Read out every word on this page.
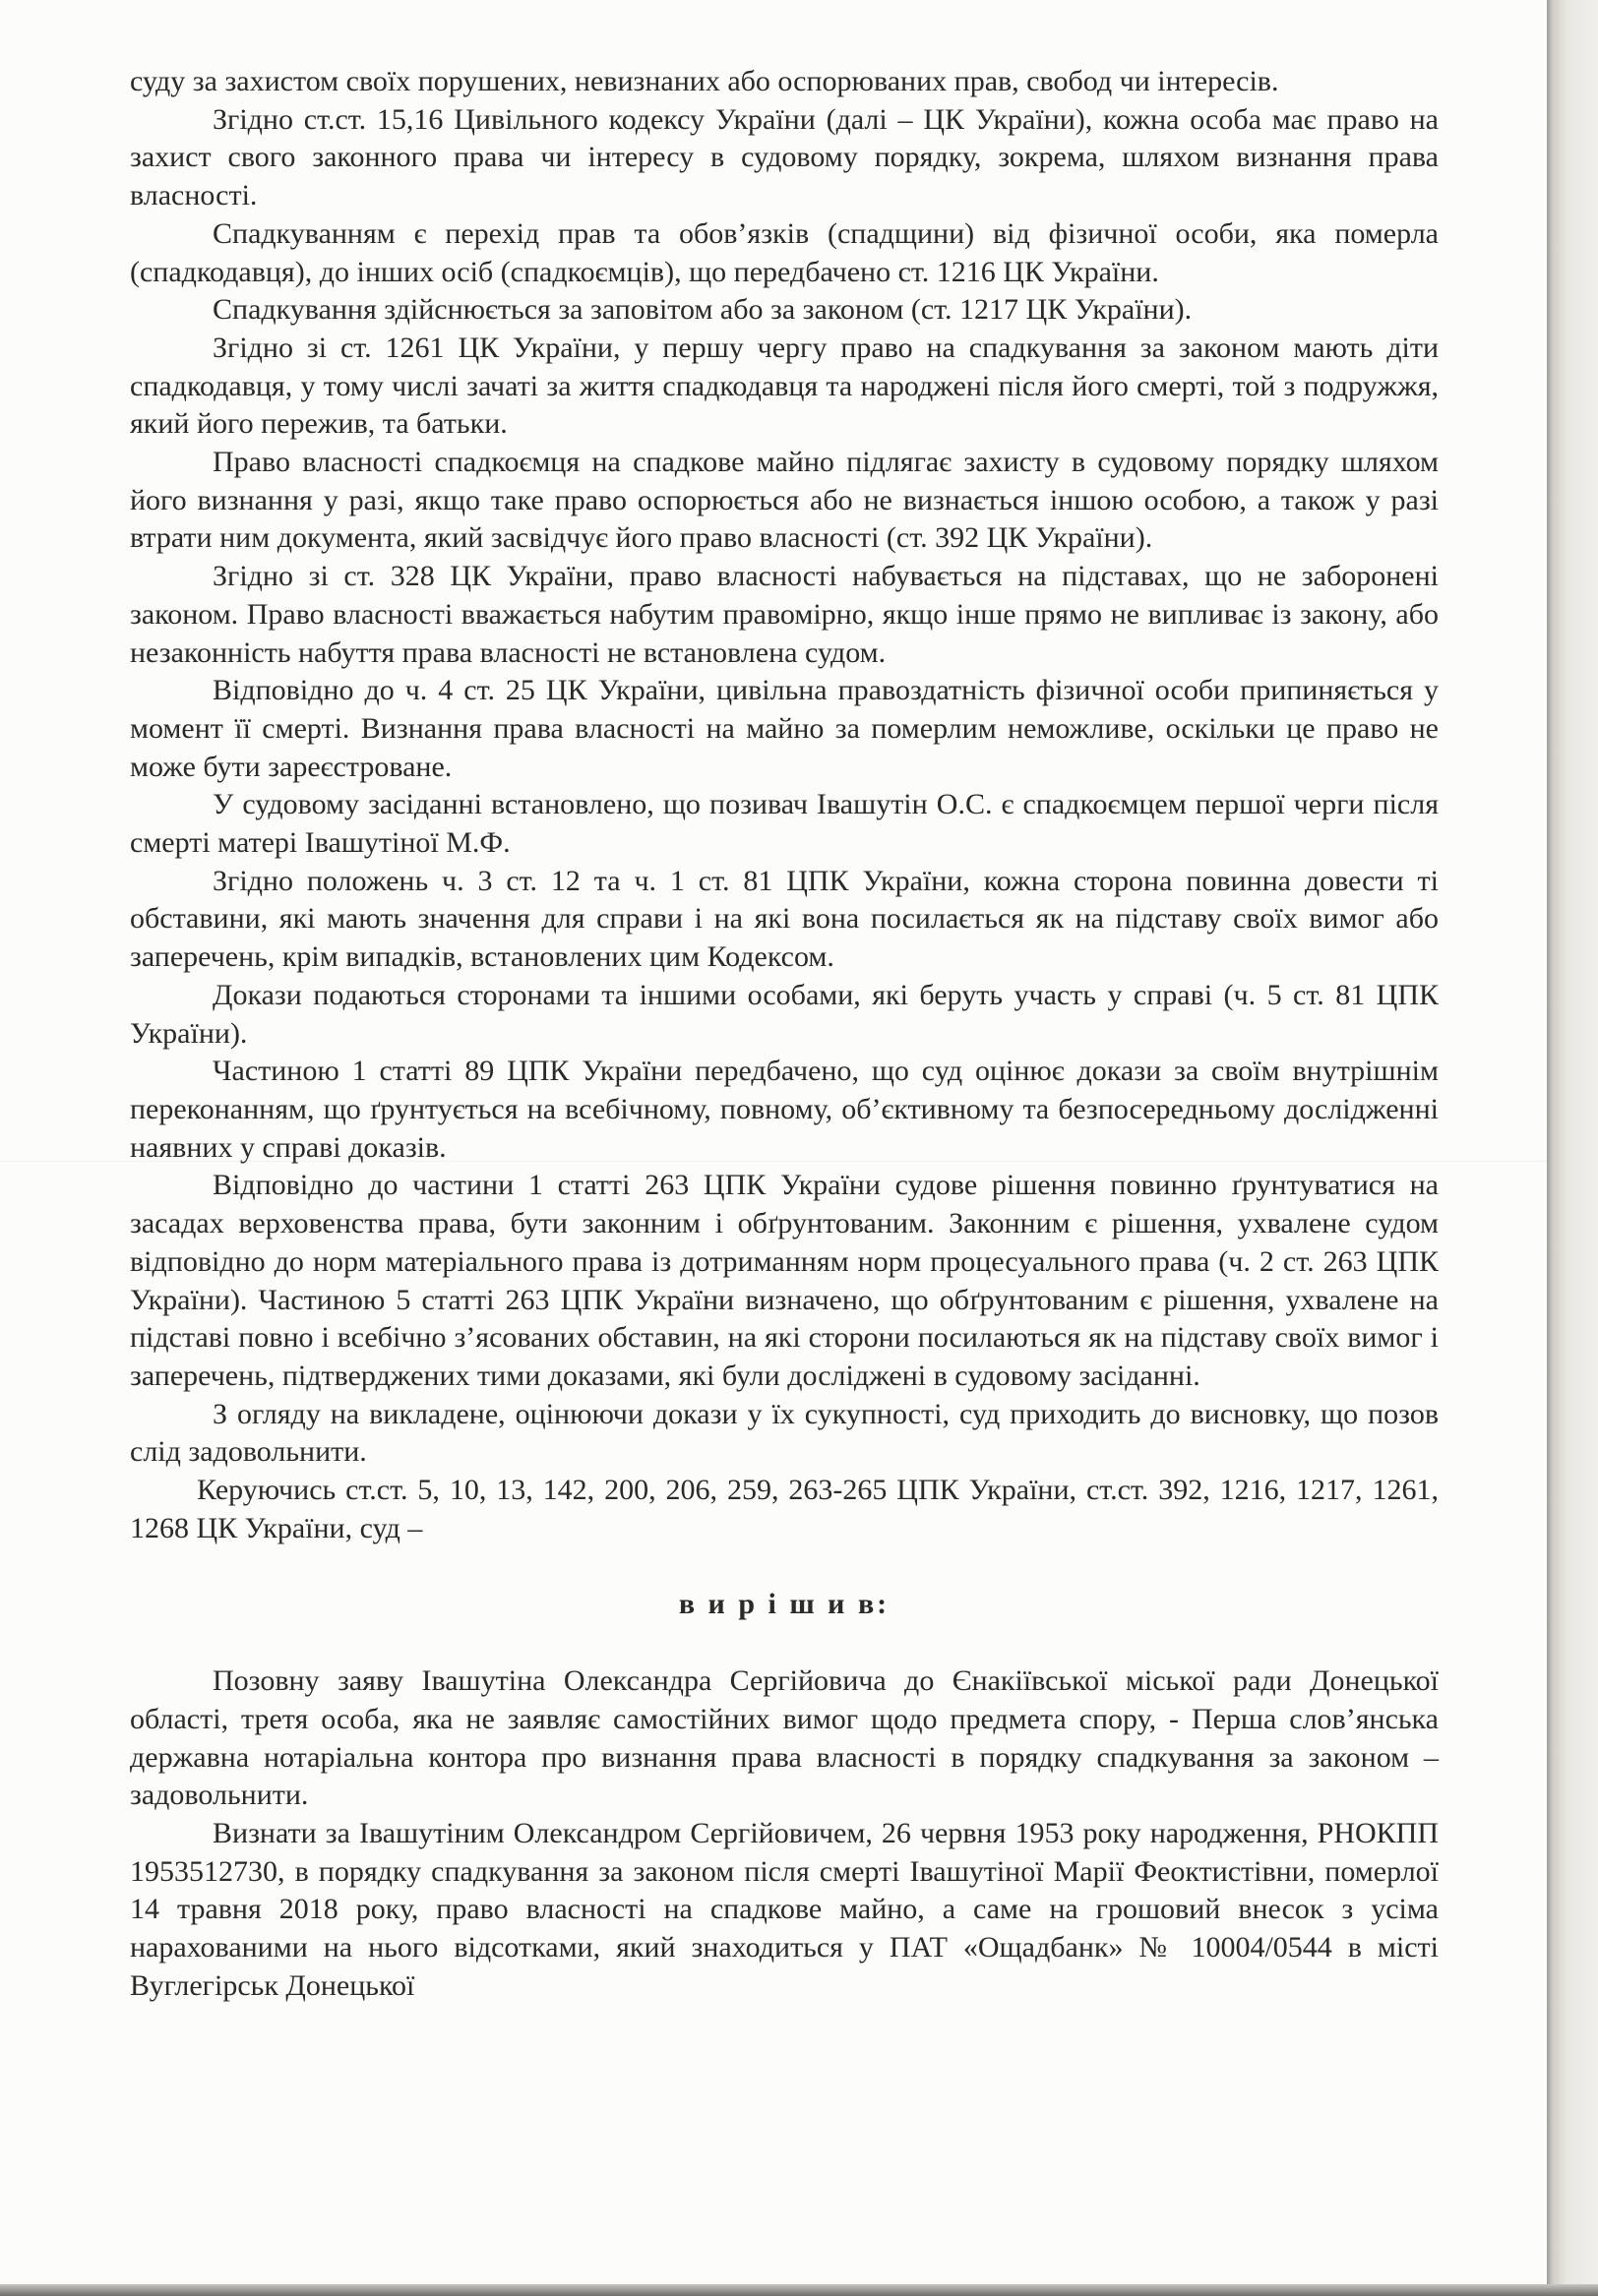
суду за захистом своїх порушених, невизнаних або оспорюваних прав, свобод чи інтересів.

Згідно ст.ст. 15,16 Цивільного кодексу України (далі – ЦК України), кожна особа має право на захист свого законного права чи інтересу в судовому порядку, зокрема, шляхом визнання права власності.

Спадкуванням є перехід прав та обов’язків (спадщини) від фізичної особи, яка померла (спадкодавця), до інших осіб (спадкоємців), що передбачено ст. 1216 ЦК України.

Спадкування здійснюється за заповітом або за законом (ст. 1217 ЦК України).

Згідно зі ст. 1261 ЦК України, у першу чергу право на спадкування за законом мають діти спадкодавця, у тому числі зачаті за життя спадкодавця та народжені після його смерті, той з подружжя, який його пережив, та батьки.

Право власності спадкоємця на спадкове майно підлягає захисту в судовому порядку шляхом його визнання у разі, якщо таке право оспорюється або не визнається іншою особою, а також у разі втрати ним документа, який засвідчує його право власності (ст. 392 ЦК України).

Згідно зі ст. 328 ЦК України, право власності набувається на підставах, що не заборонені законом. Право власності вважається набутим правомірно, якщо інше прямо не випливає із закону, або незаконність набуття права власності не встановлена судом.

Відповідно до ч. 4 ст. 25 ЦК України, цивільна правоздатність фізичної особи припиняється у момент її смерті. Визнання права власності на майно за померлим неможливе, оскільки це право не може бути зареєстроване.

У судовому засіданні встановлено, що позивач Івашутін О.С. є спадкоємцем першої черги після смерті матері Івашутіної М.Ф.

Згідно положень ч. 3 ст. 12 та ч. 1 ст. 81 ЦПК України, кожна сторона повинна довести ті обставини, які мають значення для справи і на які вона посилається як на підставу своїх вимог або заперечень, крім випадків, встановлених цим Кодексом.

Докази подаються сторонами та іншими особами, які беруть участь у справі (ч. 5 ст. 81 ЦПК України).

Частиною 1 статті 89 ЦПК України передбачено, що суд оцінює докази за своїм внутрішнім переконанням, що ґрунтується на всебічному, повному, об’єктивному та безпосередньому дослідженні наявних у справі доказів.

Відповідно до частини 1 статті 263 ЦПК України судове рішення повинно ґрунтуватися на засадах верховенства права, бути законним і обґрунтованим. Законним є рішення, ухвалене судом відповідно до норм матеріального права із дотриманням норм процесуального права (ч. 2 ст. 263 ЦПК України). Частиною 5 статті 263 ЦПК України визначено, що обґрунтованим є рішення, ухвалене на підставі повно і всебічно з’ясованих обставин, на які сторони посилаються як на підставу своїх вимог і заперечень, підтверджених тими доказами, які були досліджені в судовому засіданні.

З огляду на викладене, оцінюючи докази у їх сукупності, суд приходить до висновку, що позов слід задовольнити.

Керуючись ст.ст. 5, 10, 13, 142, 200, 206, 259, 263-265 ЦПК України, ст.ст. 392, 1216, 1217, 1261, 1268 ЦК України, суд –

в и р і ш и в:

Позовну заяву Івашутіна Олександра Сергійовича до Єнакіївської міської ради Донецької області, третя особа, яка не заявляє самостійних вимог щодо предмета спору, - Перша слов’янська державна нотаріальна контора про визнання права власності в порядку спадкування за законом – задовольнити.

Визнати за Івашутіним Олександром Сергійовичем, 26 червня 1953 року народження, РНОКПП 1953512730, в порядку спадкування за законом після смерті Івашутіної Марії Феоктистівни, померлої 14 травня 2018 року, право власності на спадкове майно, а саме на грошовий внесок з усіма нарахованими на нього відсотками, який знаходиться у ПАТ «Ощадбанк» № 10004/0544 в місті Вуглегірськ Донецької
